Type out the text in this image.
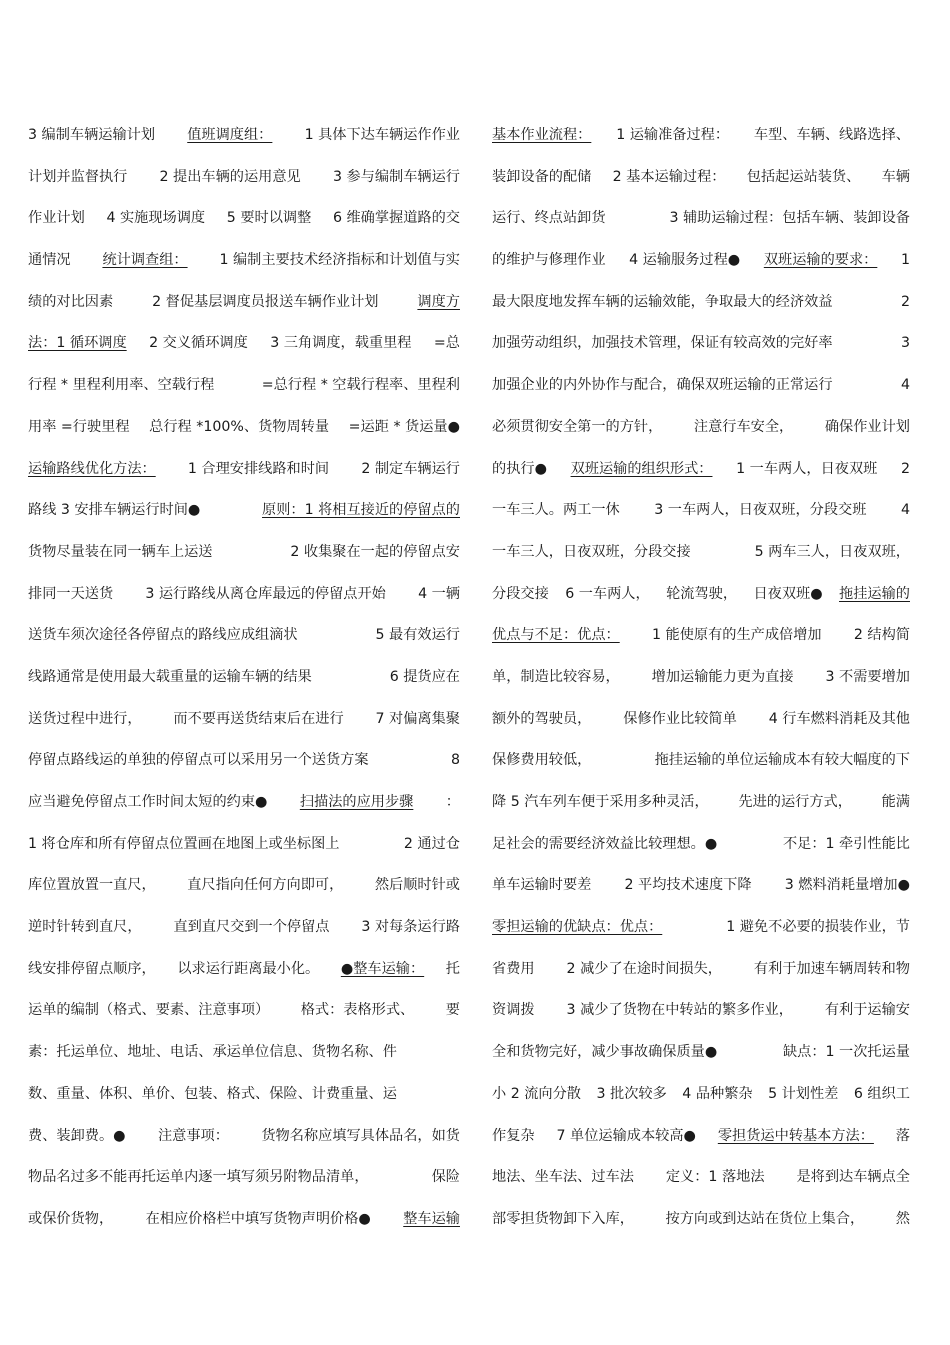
3 编制车辆运输计划 值班调度组： 1 具体下达车辆运作作业
计划并监督执行 2 提出车辆的运用意见 3 参与编制车辆运行
作业计划 4 实施现场调度 5 要时以调整 6 维确掌握道路的交
通情况 统计调查组： 1 编制主要技术经济指标和计划值与实
绩的对比因素	2 督促基层调度员报送车辆作业计划	调度方
法：1 循环调度 2 交义循环调度 3 三角调度，载重里程 =总
行程 * 里程利用率、空载行程	=总行程 * 空载行程率、里程利
用率 =行驶里程 总行程 *100%、货物周转量 =运距 * 货运量●
运输路线优化方法： 1 合理安排线路和时间 2 制定车辆运行
路线 3 安排车辆运行时间●	原则：1 将相互接近的停留点的
货物尽量装在同一辆车上运送	2 收集聚在一起的停留点安
排同一天送货 3 运行路线从离仓库最远的停留点开始 4 一辆
送货车须次途径各停留点的路线应成组滴状	5 最有效运行
线路通常是使用最大载重量的运输车辆的结果	6 提货应在
送货过程中进行， 而不要再送货结束后在进行 7 对偏离集聚
停留点路线运的单独的停留点可以采用另一个送货方案	8
应当避免停留点工作时间太短的约束● 扫描法的应用步骤 ：
1 将仓库和所有停留点位置画在地图上或坐标图上	2 通过仓
库位置放置一直尺， 直尺指向任何方向即可， 然后顺时针或
逆时针转到直尺， 直到直尺交到一个停留点 3 对每条运行路
线安排停留点顺序， 以求运行距离最小化。 ●整车运输： 托
运单的编制（格式、要素、注意事项） 格式：表格形式、 要
素：托运单位、地址、电话、承运单位信息、货物名称、件
数、重量、体积、单价、包装、格式、保险、计费重量、运
费、装卸费。● 注意事项： 货物名称应填写具体品名，如货
物品名过多不能再托运单内逐一填写须另附物品清单，	保险
或保价货物， 在相应价格栏中填写货物声明价格● 整车运输
基本作业流程： 1 运输准备过程： 车型、车辆、线路选择、
装卸设备的配储 2 基本运输过程： 包括起运站装货、 车辆
运行、终点站卸货	3 辅助运输过程：包括车辆、装卸设备
的维护与修理作业 4 运输服务过程● 双班运输的要求： 1
最大限度地发挥车辆的运输效能，争取最大的经济效益	2
加强劳动组织，加强技术管理，保证有较高效的完好率	3
加强企业的内外协作与配合，确保双班运输的正常运行	4
必须贯彻安全第一的方针， 注意行车安全， 确保作业计划
的执行● 双班运输的组织形式： 1 一车两人，日夜双班 2
一车三人。两工一休 3 一车两人，日夜双班，分段交班 4
一车三人，日夜双班，分段交接	5 两车三人，日夜双班，
分段交接 6 一车两人， 轮流驾驶， 日夜双班● 拖挂运输的
优点与不足：优点： 1 能使原有的生产成倍增加 2 结构简
单，制造比较容易， 增加运输能力更为直接 3 不需要增加
额外的驾驶员， 保修作业比较简单 4 行车燃料消耗及其他
保修费用较低，	拖挂运输的单位运输成本有较大幅度的下
降 5 汽车列车便于采用多种灵活， 先进的运行方式， 能满
足社会的需要经济效益比较理想。●	不足：1 牵引性能比
单车运输时要差 2 平均技术速度下降 3 燃料消耗量增加●
零担运输的优缺点：优点：	1 避免不必要的损装作业，节
省费用 2 减少了在途时间损失， 有利于加速车辆周转和物
资调拨 3 减少了货物在中转站的繁多作业， 有利于运输安
全和货物完好，减少事故确保质量●	缺点：1 一次托运量
小 2 流向分散 3 批次较多 4 品种繁杂 5 计划性差 6 组织工
作复杂 7 单位运输成本较高● 零担货运中转基本方法： 落
地法、坐车法、过车法 定义：1 落地法 是将到达车辆点全
部零担货物卸下入库， 按方向或到达站在货位上集合， 然
